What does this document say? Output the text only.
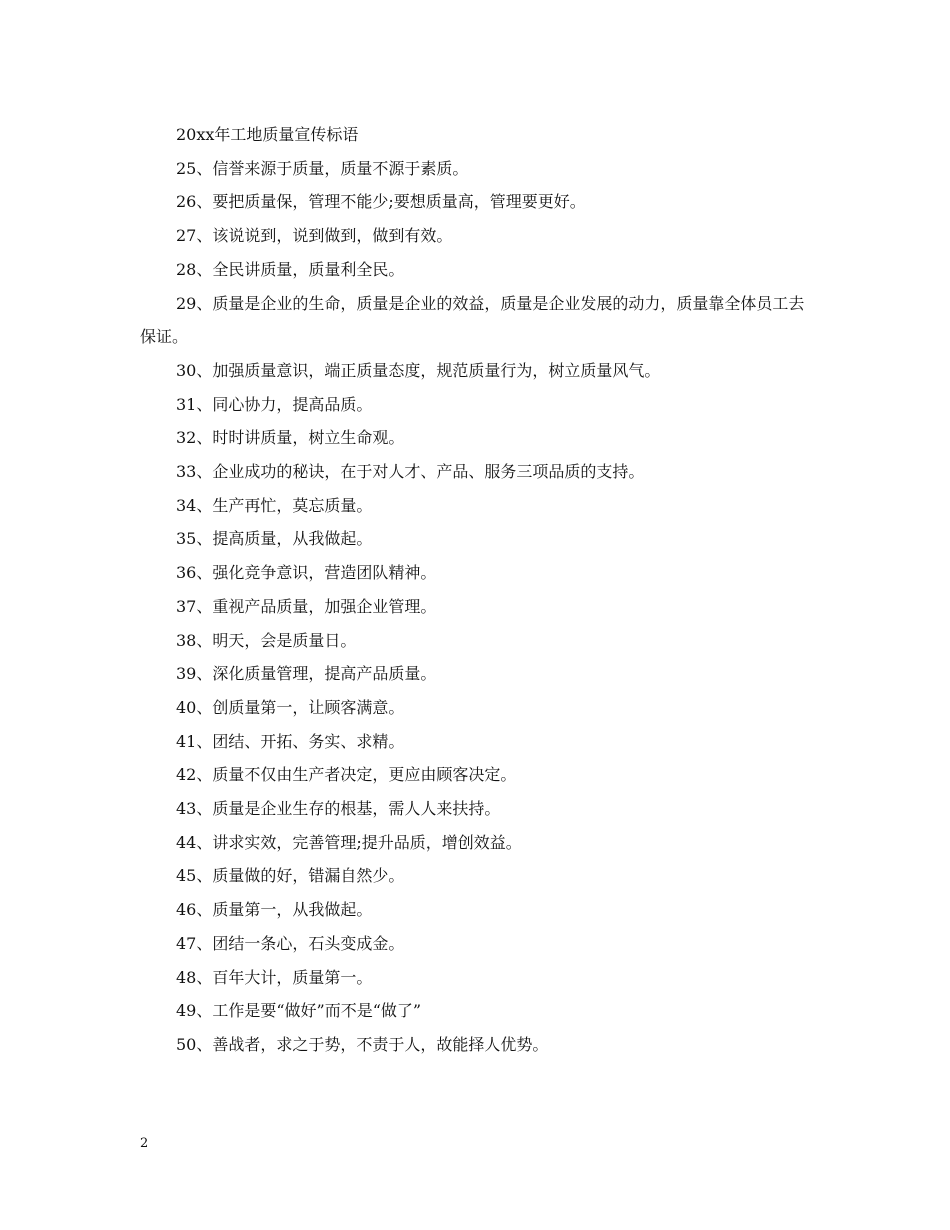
20xx年工地质量宣传标语

25、信誉来源于质量，质量不源于素质。

26、要把质量保，管理不能少;要想质量高，管理要更好。

27、该说说到，说到做到，做到有效。

28、全民讲质量，质量利全民。

29、质量是企业的生命，质量是企业的效益，质量是企业发展的动力，质量靠全体员工去保证。

30、加强质量意识，端正质量态度，规范质量行为，树立质量风气。

31、同心协力，提高品质。

32、时时讲质量，树立生命观。

33、企业成功的秘诀，在于对人才、产品、服务三项品质的支持。

34、生产再忙，莫忘质量。

35、提高质量，从我做起。

36、强化竞争意识，营造团队精神。

37、重视产品质量，加强企业管理。

38、明天，会是质量日。

39、深化质量管理，提高产品质量。

40、创质量第一，让顾客满意。

41、团结、开拓、务实、求精。

42、质量不仅由生产者决定，更应由顾客决定。

43、质量是企业生存的根基，需人人来扶持。

44、讲求实效，完善管理;提升品质，增创效益。

45、质量做的好，错漏自然少。

46、质量第一，从我做起。

47、团结一条心，石头变成金。

48、百年大计，质量第一。

49、工作是要“做好”而不是“做了”

50、善战者，求之于势，不责于人，故能择人优势。

2
